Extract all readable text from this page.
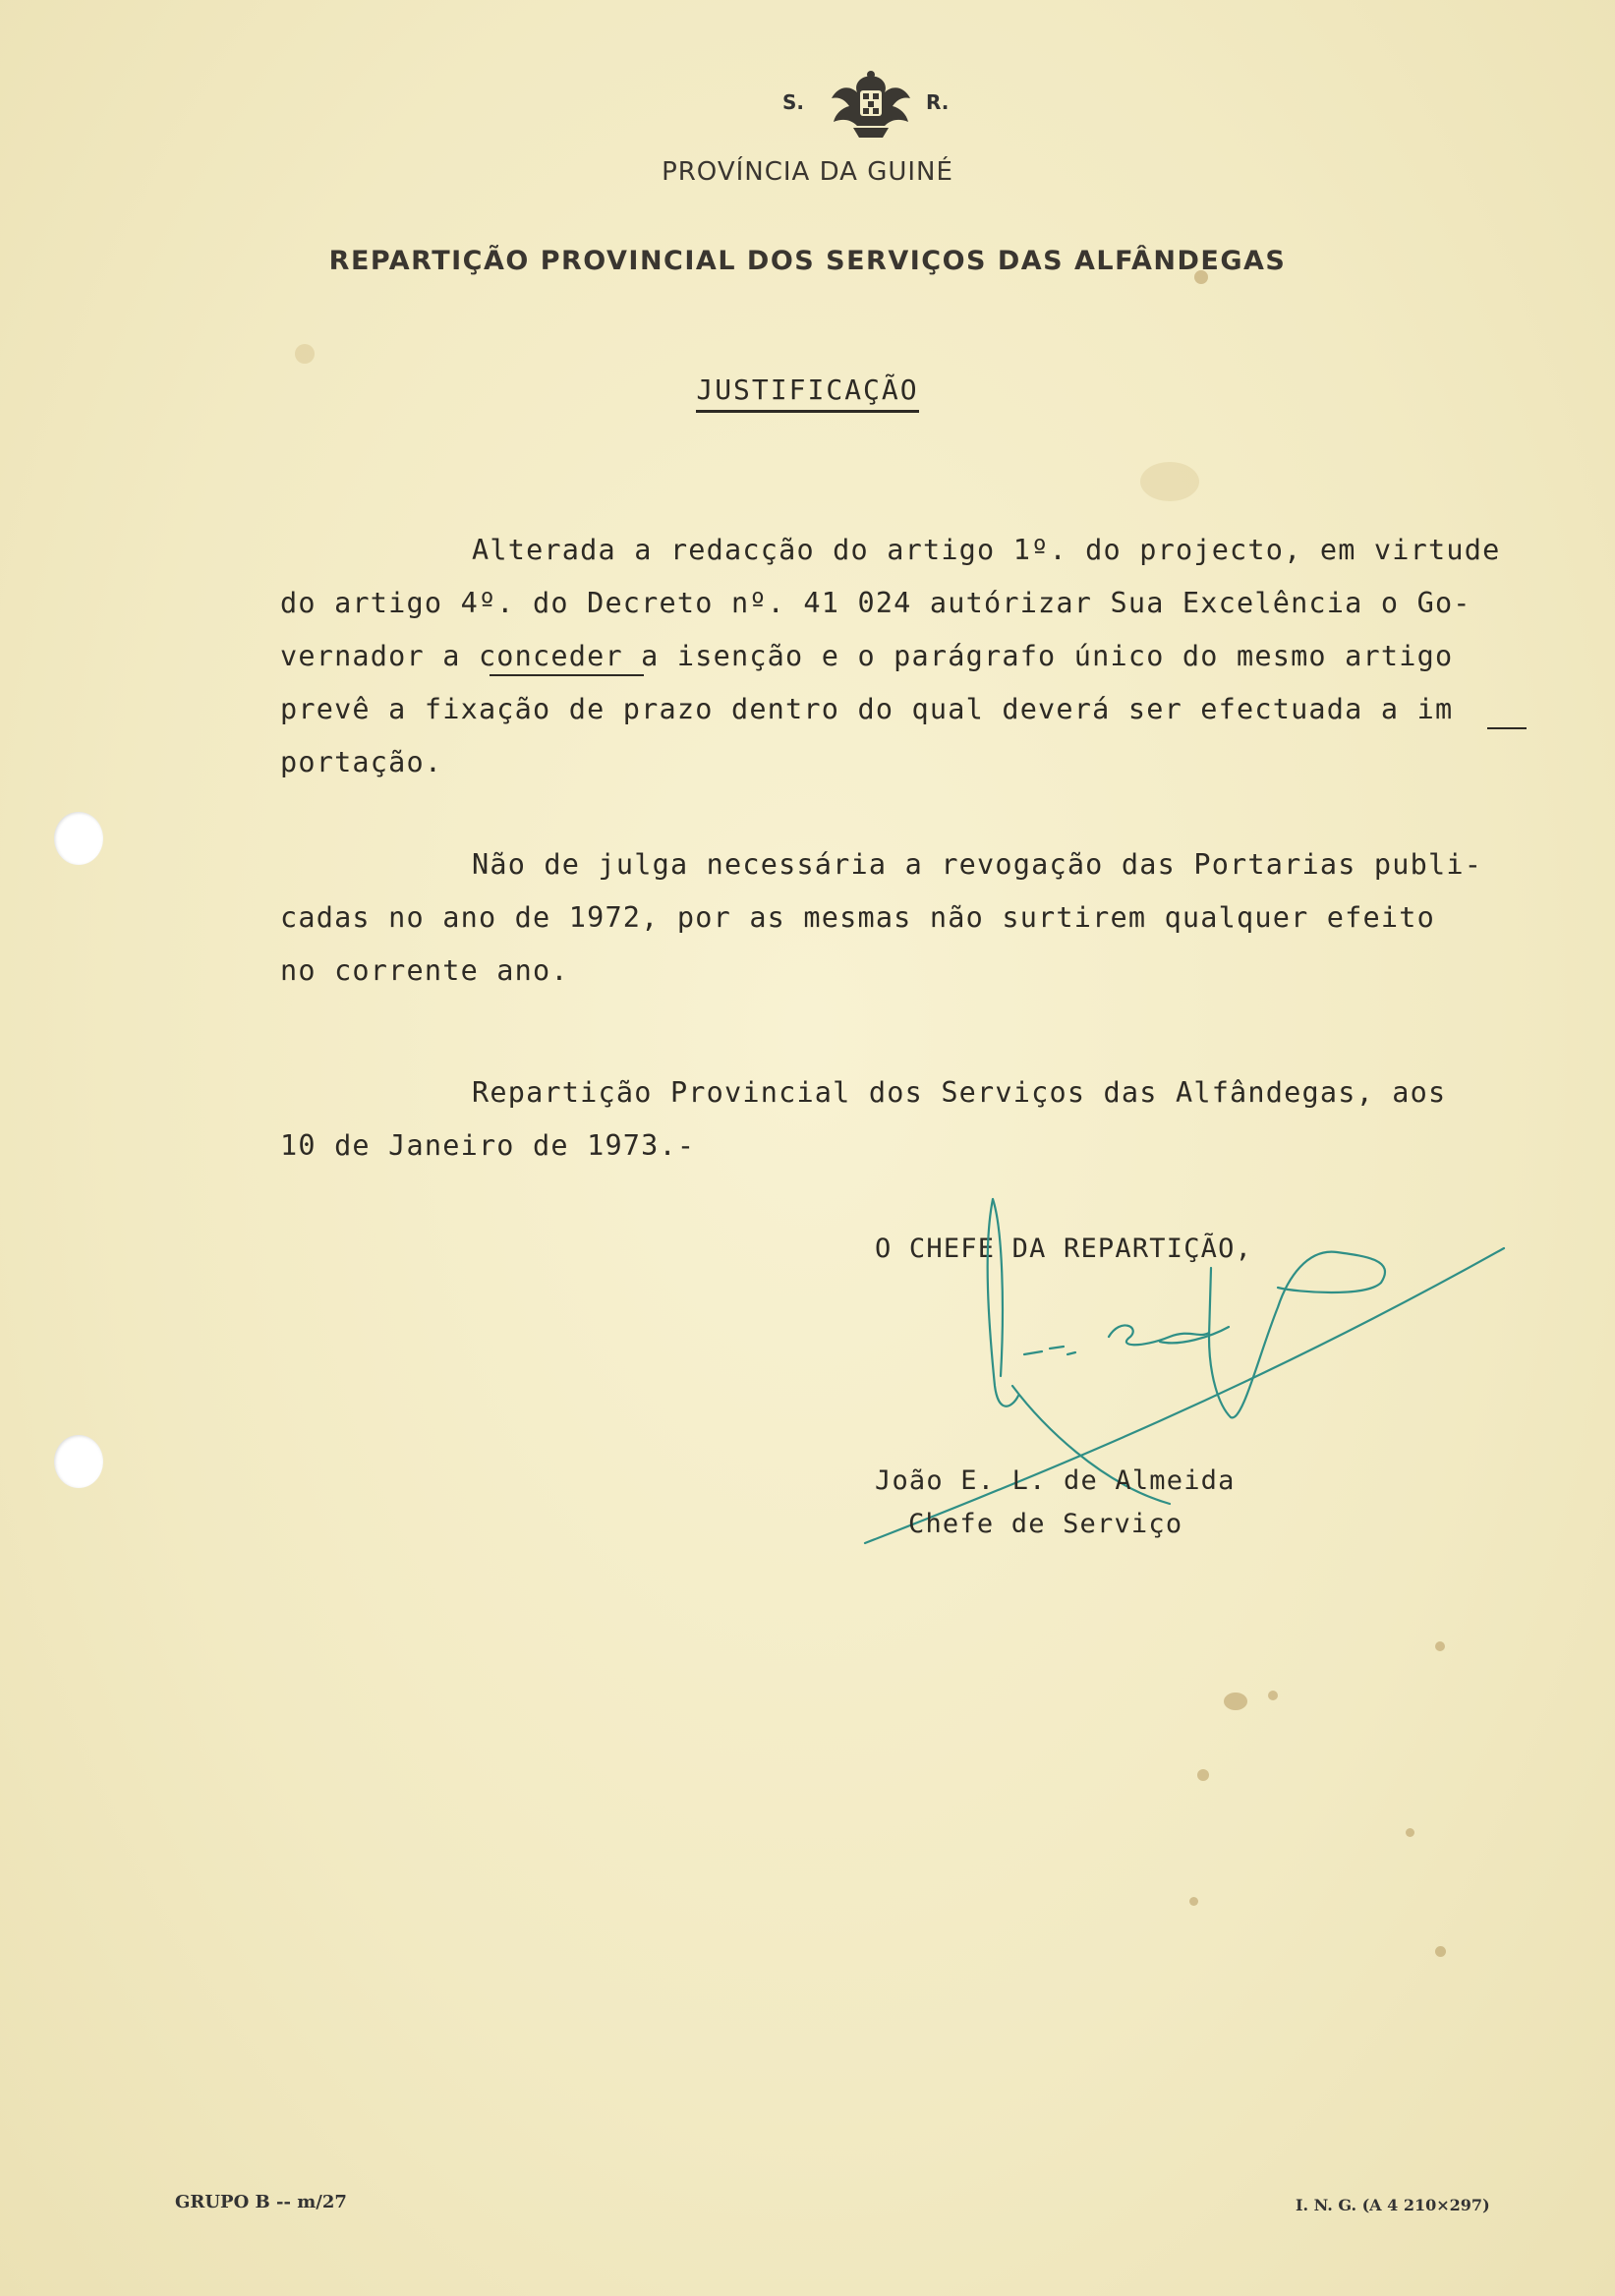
S.	R.
PROVÍNCIA DA GUINÉ
REPARTIÇÃO PROVINCIAL DOS SERVIÇOS DAS ALFÂNDEGAS
JUSTIFICAÇÃO
Alterada a redacção do artigo 1º. do projecto, em virtude
do artigo 4º. do Decreto nº. 41 024 autórizar Sua Excelência o Go-
vernador a conceder a isenção e o parágrafo único do mesmo artigo
prevê a fixação de prazo dentro do qual deverá ser efectuada a im
portação.
Não de julga necessária a revogação das Portarias publi-
cadas no ano de 1972, por as mesmas não surtirem qualquer efeito
no corrente ano.
Repartição Provincial dos Serviços das Alfândegas, aos
10 de Janeiro de 1973.-
O CHEFE DA REPARTIÇÃO,
João E. L. de Almeida
Chefe de Serviço
GRUPO B -- m/27	I. N. G. (A 4 210×297)
